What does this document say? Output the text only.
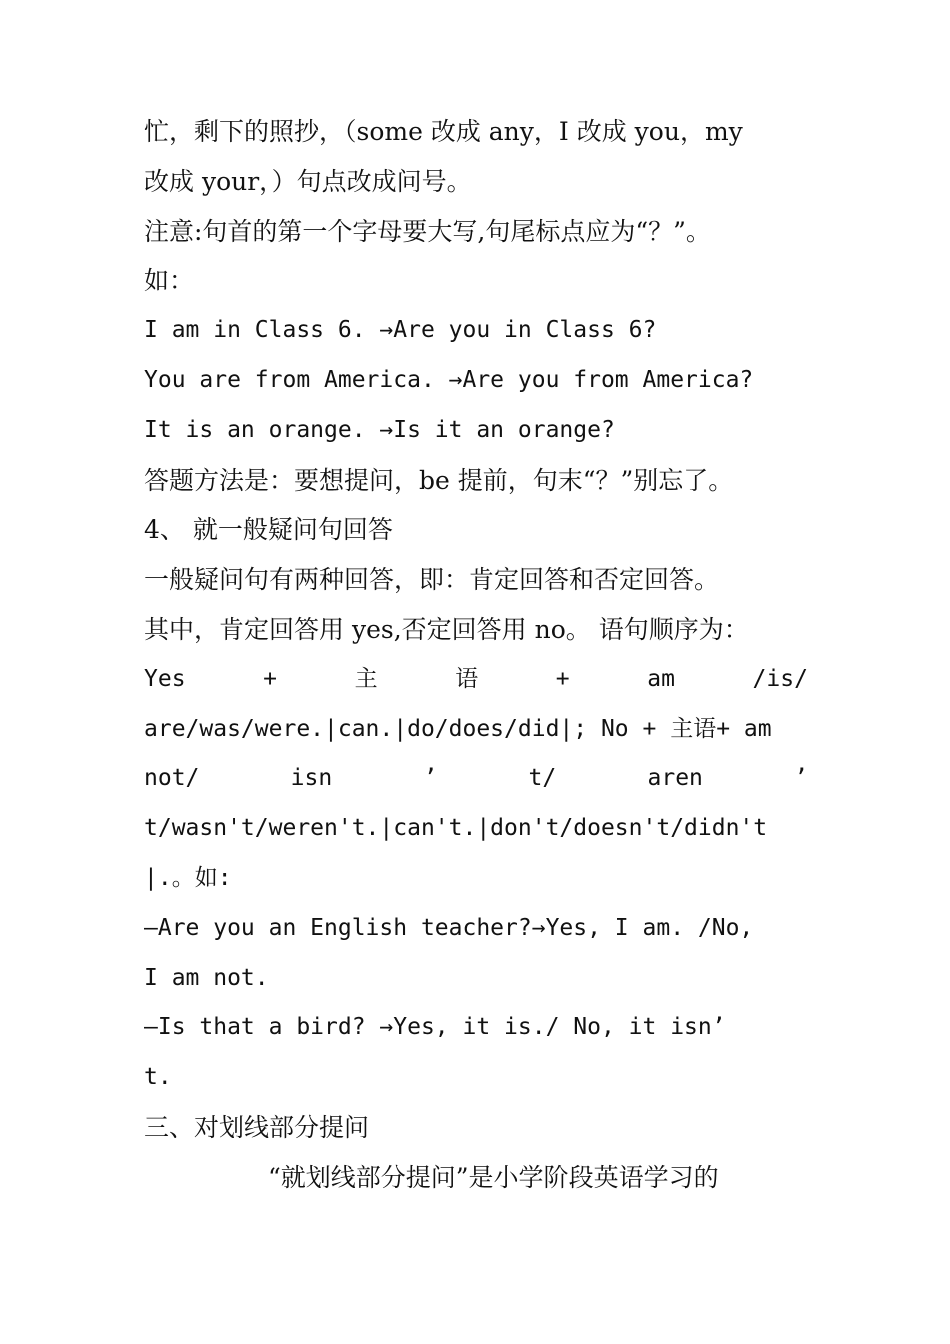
忙，剩下的照抄，（some 改成 any，I 改成 you，my
改成 your，）句点改成问号。
注意:句首的第一个字母要大写,句尾标点应为“？”。
如：
I am in Class 6. →Are you in Class 6?
You are from America. →Are you from America?
It is an orange. →Is it an orange?
答题方法是：要想提问，be 提前，句末“？”别忘了。
4、 就一般疑问句回答
一般疑问句有两种回答，即：肯定回答和否定回答。
其中，肯定回答用 yes,否定回答用 no。 语句顺序为：
Yes	+	主	语	+	am	/is/
are/was/were.|can.|do/does/did|; No + 主语+ am
not/	isn	’	t/	aren	’
t/wasn't/weren't.|can't.|don't/doesn't/didn't
|.。如:
—Are you an English teacher?→Yes, I am. /No,
I am not.
—Is that a bird? →Yes, it is./ No, it isn’
t.
三、对划线部分提问
“就划线部分提问”是小学阶段英语学习的
